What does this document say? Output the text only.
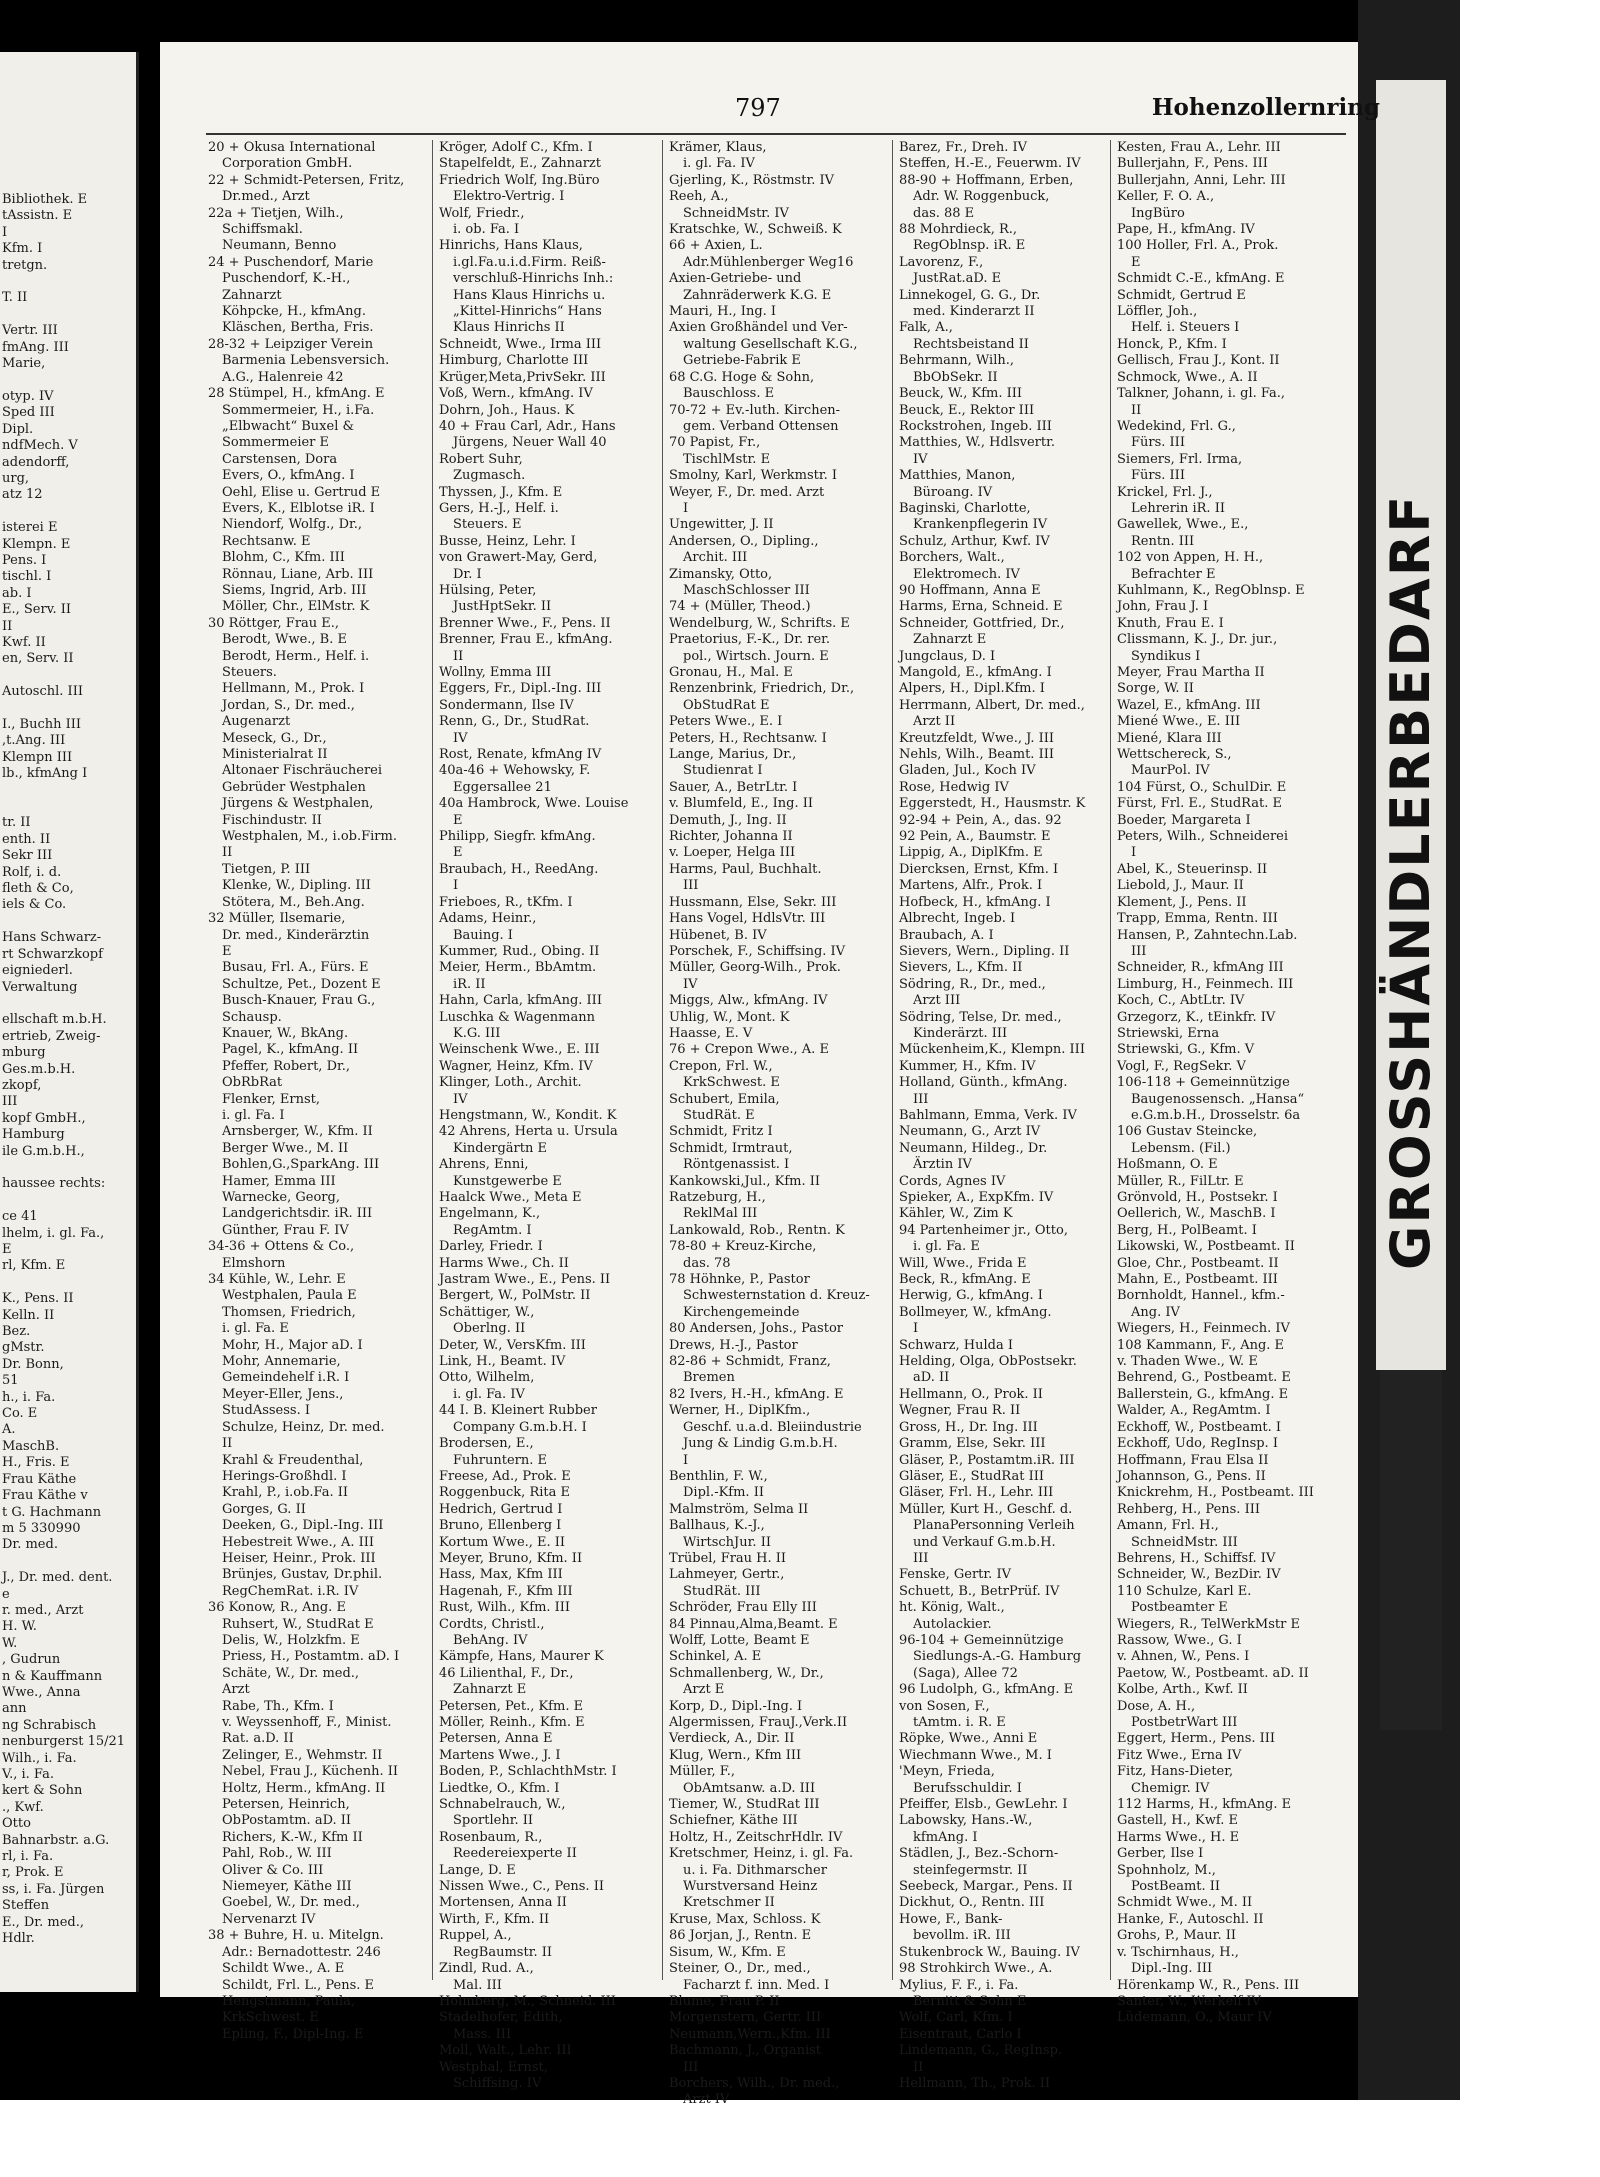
Bibliothek. E
tAssistn. E
I
Kfm. I
tretgn.

T. II

Vertr. III
fmAng. III
Marie,

otyp. IV
Sped III
Dipl.
ndfMech. V
adendorff,
urg,
atz 12

isterei E
Klempn. E
Pens. I
tischl. I
ab. I
E., Serv. II
II
Kwf. II
en, Serv. II

Autoschl. III

I., Buchh III
,t.Ang. III
Klempn III
lb., kfmAng I

tr. II
enth. II
Sekr III
Rolf, i. d.
fleth & Co,
iels & Co.

Hans Schwarz-
rt Schwarzkopf
eigniederl.
Verwaltung

ellschaft m.b.H.
ertrieb, Zweig-
mburg
Ges.m.b.H.
zkopf,
III
kopf GmbH.,
Hamburg
ile G.m.b.H.,

haussee rechts:

ce 41
lhelm, i. gl. Fa.,
E
rl, Kfm. E

K., Pens. II
Kelln. II
Bez.
gMstr.
Dr. Bonn,
51
h., i. Fa.
Co. E
A.
MaschB.
H., Fris. E
Frau Käthe
Frau Käthe v
t G. Hachmann
m 5 330990
Dr. med.

J., Dr. med. dent.
e
r. med., Arzt
H. W.
W.
, Gudrun
n & Kauffmann
Wwe., Anna
ann
ng Schrabisch
nenburgerst 15/21
Wilh., i. Fa.
V., i. Fa.
kert & Sohn
., Kwf.
Otto
Bahnarbstr. a.G.
rl, i. Fa.
r, Prok. E
ss, i. Fa. Jürgen
Steffen
E., Dr. med.,
Hdlr.
GROSSHÄNDLERBEDARF
797	Hohenzollernring
20 + Okusa International
Corporation GmbH.
22 + Schmidt-Petersen, Fritz,
Dr.med., Arzt
22a + Tietjen, Wilh.,
Schiffsmakl.
Neumann, Benno
24 + Puschendorf, Marie
Puschendorf, K.-H.,
Zahnarzt
Köhpcke, H., kfmAng.
Kläschen, Bertha, Fris.
28-32 + Leipziger Verein
Barmenia Lebensversich.
A.G., Halenreie 42
28 Stümpel, H., kfmAng. E
Sommermeier, H., i.Fa.
„Elbwacht“ Buxel &
Sommermeier E
Carstensen, Dora
Evers, O., kfmAng. I
Oehl, Elise u. Gertrud E
Evers, K., Elblotse iR. I
Niendorf, Wolfg., Dr.,
Rechtsanw. E
Blohm, C., Kfm. III
Rönnau, Liane, Arb. III
Siems, Ingrid, Arb. III
Möller, Chr., ElMstr. K
30 Röttger, Frau E.,
Berodt, Wwe., B. E
Berodt, Herm., Helf. i.
Steuers.
Hellmann, M., Prok. I
Jordan, S., Dr. med.,
Augenarzt
Meseck, G., Dr.,
Ministerialrat II
Altonaer Fischräucherei
Gebrüder Westphalen
Jürgens & Westphalen,
Fischindustr. II
Westphalen, M., i.ob.Firm.
II
Tietgen, P. III
Klenke, W., Dipling. III
Stötera, M., Beh.Ang.
32 Müller, Ilsemarie,
Dr. med., Kinderärztin
E
Busau, Frl. A., Fürs. E
Schultze, Pet., Dozent E
Busch-Knauer, Frau G.,
Schausp.
Knauer, W., BkAng.
Pagel, K., kfmAng. II
Pfeffer, Robert, Dr.,
ObRbRat
Flenker, Ernst,
i. gl. Fa. I
Arnsberger, W., Kfm. II
Berger Wwe., M. II
Bohlen,G.,SparkAng. III
Hamer, Emma III
Warnecke, Georg,
Landgerichtsdir. iR. III
Günther, Frau F. IV
34-36 + Ottens & Co.,
Elmshorn
34 Kühle, W., Lehr. E
Westphalen, Paula E
Thomsen, Friedrich,
i. gl. Fa. E
Mohr, H., Major aD. I
Mohr, Annemarie,
Gemeindehelf i.R. I
Meyer-Eller, Jens.,
StudAssess. I
Schulze, Heinz, Dr. med.
II
Krahl & Freudenthal,
Herings-Großhdl. I
Krahl, P., i.ob.Fa. II
Gorges, G. II
Deeken, G., Dipl.-Ing. III
Hebestreit Wwe., A. III
Heiser, Heinr., Prok. III
Brünjes, Gustav, Dr.phil.
RegChemRat. i.R. IV
36 Konow, R., Ang. E
Ruhsert, W., StudRat E
Delis, W., Holzkfm. E
Priess, H., Postamtm. aD. I
Schäte, W., Dr. med.,
Arzt
Rabe, Th., Kfm. I
v. Weyssenhoff, F., Minist.
Rat. a.D. II
Zelinger, E., Wehmstr. II
Nebel, Frau J., Küchenh. II
Holtz, Herm., kfmAng. II
Petersen, Heinrich,
ObPostamtm. aD. II
Richers, K.-W., Kfm II
Pahl, Rob., W. III
Oliver & Co. III
Niemeyer, Käthe III
Goebel, W., Dr. med.,
Nervenarzt IV
38 + Buhre, H. u. Mitelgn.
Adr.: Bernadottestr. 246
Schildt Wwe., A. E
Schildt, Frl. L., Pens. E
Hengstmann, Paula,
KrkSchwest. E
Epling, F., Dipl-Ing. E
Kröger, Adolf C., Kfm. I
Stapelfeldt, E., Zahnarzt
Friedrich Wolf, Ing.Büro
Elektro-Vertrig. I
Wolf, Friedr.,
i. ob. Fa. I
Hinrichs, Hans Klaus,
i.gl.Fa.u.i.d.Firm. Reiß-
verschluß-Hinrichs Inh.:
Hans Klaus Hinrichs u.
„Kittel-Hinrichs“ Hans
Klaus Hinrichs II
Schneidt, Wwe., Irma III
Himburg, Charlotte III
Krüger,Meta,PrivSekr. III
Voß, Wern., kfmAng. IV
Dohrn, Joh., Haus. K
40 + Frau Carl, Adr., Hans
Jürgens, Neuer Wall 40
Robert Suhr,
Zugmasch.
Thyssen, J., Kfm. E
Gers, H.-J., Helf. i.
Steuers. E
Busse, Heinz, Lehr. I
von Grawert-May, Gerd,
Dr. I
Hülsing, Peter,
JustHptSekr. II
Brenner Wwe., F., Pens. II
Brenner, Frau E., kfmAng.
II
Wollny, Emma III
Eggers, Fr., Dipl.-Ing. III
Sondermann, Ilse IV
Renn, G., Dr., StudRat.
IV
Rost, Renate, kfmAng IV
40a-46 + Wehowsky, F.
Eggersallee 21
40a Hambrock, Wwe. Louise
E
Philipp, Siegfr. kfmAng.
E
Braubach, H., ReedAng.
I
Frieboes, R., tKfm. I
Adams, Heinr.,
Bauing. I
Kummer, Rud., Obing. II
Meier, Herm., BbAmtm.
iR. II
Hahn, Carla, kfmAng. III
Luschka & Wagenmann
K.G. III
Weinschenk Wwe., E. III
Wagner, Heinz, Kfm. IV
Klinger, Loth., Archit.
IV
Hengstmann, W., Kondit. K
42 Ahrens, Herta u. Ursula
Kindergärtn E
Ahrens, Enni,
Kunstgewerbe E
Haalck Wwe., Meta E
Engelmann, K.,
RegAmtm. I
Darley, Friedr. I
Harms Wwe., Ch. II
Jastram Wwe., E., Pens. II
Bergert, W., PolMstr. II
Schättiger, W.,
Oberlng. II
Deter, W., VersKfm. III
Link, H., Beamt. IV
Otto, Wilhelm,
i. gl. Fa. IV
44 I. B. Kleinert Rubber
Company G.m.b.H. I
Brodersen, E.,
Fuhruntern. E
Freese, Ad., Prok. E
Roggenbuck, Rita E
Hedrich, Gertrud I
Bruno, Ellenberg I
Kortum Wwe., E. II
Meyer, Bruno, Kfm. II
Hass, Max, Kfm III
Hagenah, F., Kfm III
Rust, Wilh., Kfm. III
Cordts, Christl.,
BehAng. IV
Kämpfe, Hans, Maurer K
46 Lilienthal, F., Dr.,
Zahnarzt E
Petersen, Pet., Kfm. E
Möller, Reinh., Kfm. E
Petersen, Anna E
Martens Wwe., J. I
Boden, P., SchlachthMstr. I
Liedtke, O., Kfm. I
Schnabelrauch, W.,
Sportlehr. II
Rosenbaum, R.,
Reedereiexperte II
Lange, D. E
Nissen Wwe., C., Pens. II
Mortensen, Anna II
Wirth, F., Kfm. II
Ruppel, A.,
RegBaumstr. II
Zindl, Rud. A.,
Mal. III
Holmberg, M., Schneid. III
Stadelhofer, Edith,
Mass. III
Moll, Walt., Lehr. III
Westphal, Ernst,
Schiffsing. IV
Krämer, Klaus,
i. gl. Fa. IV
Gjerling, K., Röstmstr. IV
Reeh, A.,
SchneidMstr. IV
Kratschke, W., Schweiß. K
66 + Axien, L.
Adr.Mühlenberger Weg16
Axien-Getriebe- und
Zahnräderwerk K.G. E
Mauri, H., Ing. I
Axien Großhändel und Ver-
waltung Gesellschaft K.G.,
Getriebe-Fabrik E
68 C.G. Hoge & Sohn,
Bauschloss. E
70-72 + Ev.-luth. Kirchen-
gem. Verband Ottensen
70 Papist, Fr.,
TischlMstr. E
Smolny, Karl, Werkmstr. I
Weyer, F., Dr. med. Arzt
I
Ungewitter, J. II
Andersen, O., Dipling.,
Archit. III
Zimansky, Otto,
MaschSchlosser III
74 + (Müller, Theod.)
Wendelburg, W., Schrifts. E
Praetorius, F.-K., Dr. rer.
pol., Wirtsch. Journ. E
Gronau, H., Mal. E
Renzenbrink, Friedrich, Dr.,
ObStudRat E
Peters Wwe., E. I
Peters, H., Rechtsanw. I
Lange, Marius, Dr.,
Studienrat I
Sauer, A., BetrLtr. I
v. Blumfeld, E., Ing. II
Demuth, J., Ing. II
Richter, Johanna II
v. Loeper, Helga III
Harms, Paul, Buchhalt.
III
Hussmann, Else, Sekr. III
Hans Vogel, HdlsVtr. III
Hübenet, B. IV
Porschek, F., Schiffsing. IV
Müller, Georg-Wilh., Prok.
IV
Miggs, Alw., kfmAng. IV
Uhlig, W., Mont. K
Haasse, E. V
76 + Crepon Wwe., A. E
Crepon, Frl. W.,
KrkSchwest. E
Schubert, Emila,
StudRät. E
Schmidt, Fritz I
Schmidt, Irmtraut,
Röntgenassist. I
Kankowski,Jul., Kfm. II
Ratzeburg, H.,
ReklMal III
Lankowald, Rob., Rentn. K
78-80 + Kreuz-Kirche,
das. 78
78 Höhnke, P., Pastor
Schwesternstation d. Kreuz-
Kirchengemeinde
80 Andersen, Johs., Pastor
Drews, H.-J., Pastor
82-86 + Schmidt, Franz,
Bremen
82 Ivers, H.-H., kfmAng. E
Werner, H., DiplKfm.,
Geschf. u.a.d. Bleiindustrie
Jung & Lindig G.m.b.H.
I
Benthlin, F. W.,
Dipl.-Kfm. II
Malmström, Selma II
Ballhaus, K.-J.,
WirtschJur. II
Trübel, Frau H. II
Lahmeyer, Gertr.,
StudRät. III
Schröder, Frau Elly III
84 Pinnau,Alma,Beamt. E
Wolff, Lotte, Beamt E
Schinkel, A. E
Schmallenberg, W., Dr.,
Arzt E
Korp, D., Dipl.-Ing. I
Algermissen, FrauJ.,Verk.II
Verdieck, A., Dir. II
Klug, Wern., Kfm III
Müller, F.,
ObAmtsanw. a.D. III
Tiemer, W., StudRat III
Schiefner, Käthe III
Holtz, H., ZeitschrHdlr. IV
Kretschmer, Heinz, i. gl. Fa.
u. i. Fa. Dithmarscher
Wurstversand Heinz
Kretschmer II
Kruse, Max, Schloss. K
86 Jorjan, J., Rentn. E
Sisum, W., Kfm. E
Steiner, O., Dr., med.,
Facharzt f. inn. Med. I
Blume, Frau P. II
Morgenstern, Gertr. III
Neumann,Wern.,Kfm. III
Bachmann, J., Organist
III
Borchers, Wilh., Dr. med.,
Arzt IV
Barez, Fr., Dreh. IV
Steffen, H.-E., Feuerwm. IV
88-90 + Hoffmann, Erben,
Adr. W. Roggenbuck,
das. 88 E
88 Mohrdieck, R.,
RegOblnsp. iR. E
Lavorenz, F.,
JustRat.aD. E
Linnekogel, G. G., Dr.
med. Kinderarzt II
Falk, A.,
Rechtsbeistand II
Behrmann, Wilh.,
BbObSekr. II
Beuck, W., Kfm. III
Beuck, E., Rektor III
Rockstrohen, Ingeb. III
Matthies, W., Hdlsvertr.
IV
Matthies, Manon,
Büroang. IV
Baginski, Charlotte,
Krankenpflegerin IV
Schulz, Arthur, Kwf. IV
Borchers, Walt.,
Elektromech. IV
90 Hoffmann, Anna E
Harms, Erna, Schneid. E
Schneider, Gottfried, Dr.,
Zahnarzt E
Jungclaus, D. I
Mangold, E., kfmAng. I
Alpers, H., Dipl.Kfm. I
Herrmann, Albert, Dr. med.,
Arzt II
Kreutzfeldt, Wwe., J. III
Nehls, Wilh., Beamt. III
Gladen, Jul., Koch IV
Rose, Hedwig IV
Eggerstedt, H., Hausmstr. K
92-94 + Pein, A., das. 92
92 Pein, A., Baumstr. E
Lippig, A., DiplKfm. E
Diercksen, Ernst, Kfm. I
Martens, Alfr., Prok. I
Hofbeck, H., kfmAng. I
Albrecht, Ingeb. I
Braubach, A. I
Sievers, Wern., Dipling. II
Sievers, L., Kfm. II
Södring, R., Dr., med.,
Arzt III
Södring, Telse, Dr. med.,
Kinderärzt. III
Mückenheim,K., Klempn. III
Kummer, H., Kfm. IV
Holland, Günth., kfmAng.
III
Bahlmann, Emma, Verk. IV
Neumann, G., Arzt IV
Neumann, Hildeg., Dr.
Ärztin IV
Cords, Agnes IV
Spieker, A., ExpKfm. IV
Kähler, W., Zim K
94 Partenheimer jr., Otto,
i. gl. Fa. E
Will, Wwe., Frida E
Beck, R., kfmAng. E
Herwig, G., kfmAng. I
Bollmeyer, W., kfmAng.
I
Schwarz, Hulda I
Helding, Olga, ObPostsekr.
aD. II
Hellmann, O., Prok. II
Wegner, Frau R. II
Gross, H., Dr. Ing. III
Gramm, Else, Sekr. III
Gläser, P., Postamtm.iR. III
Gläser, E., StudRat III
Gläser, Frl. H., Lehr. III
Müller, Kurt H., Geschf. d.
PlanaPersonning Verleih
und Verkauf G.m.b.H.
III
Fenske, Gertr. IV
Schuett, B., BetrPrüf. IV
ht. König, Walt.,
Autolackier.
96-104 + Gemeinnützige
Siedlungs-A.-G. Hamburg
(Saga), Allee 72
96 Ludolph, G., kfmAng. E
von Sosen, F.,
tAmtm. i. R. E
Röpke, Wwe., Anni E
Wiechmann Wwe., M. I
'Meyn, Frieda,
Berufsschuldir. I
Pfeiffer, Elsb., GewLehr. I
Labowsky, Hans.-W.,
kfmAng. I
Städlen, J., Bez.-Schorn-
steinfegermstr. II
Seebeck, Margar., Pens. II
Dickhut, O., Rentn. III
Howe, F., Bank-
bevollm. iR. III
Stukenbrock W., Bauing. IV
98 Strohkirch Wwe., A.
Mylius, F. F., i. Fa.
Bernitt & Sohn E
Wolf, Carl, Kfm. I
Eisentraut, Carlo I
Lindemann, G., RegInsp.
II
Hellmann, Th., Prok. II
Kesten, Frau A., Lehr. III
Bullerjahn, F., Pens. III
Bullerjahn, Anni, Lehr. III
Keller, F. O. A.,
IngBüro
Pape, H., kfmAng. IV
100 Holler, Frl. A., Prok.
E
Schmidt C.-E., kfmAng. E
Schmidt, Gertrud E
Löffler, Joh.,
Helf. i. Steuers I
Honck, P., Kfm. I
Gellisch, Frau J., Kont. II
Schmock, Wwe., A. II
Talkner, Johann, i. gl. Fa.,
II
Wedekind, Frl. G.,
Fürs. III
Siemers, Frl. Irma,
Fürs. III
Krickel, Frl. J.,
Lehrerin iR. II
Gawellek, Wwe., E.,
Rentn. III
102 von Appen, H. H.,
Befrachter E
Kuhlmann, K., RegOblnsp. E
John, Frau J. I
Knuth, Frau E. I
Clissmann, K. J., Dr. jur.,
Syndikus I
Meyer, Frau Martha II
Sorge, W. II
Wazel, E., kfmAng. III
Miené Wwe., E. III
Miené, Klara III
Wettschereck, S.,
MaurPol. IV
104 Fürst, O., SchulDir. E
Fürst, Frl. E., StudRat. E
Boeder, Margareta I
Peters, Wilh., Schneiderei
I
Abel, K., Steuerinsp. II
Liebold, J., Maur. II
Klement, J., Pens. II
Trapp, Emma, Rentn. III
Hansen, P., Zahntechn.Lab.
III
Schneider, R., kfmAng III
Limburg, H., Feinmech. III
Koch, C., AbtLtr. IV
Grzegorz, K., tEinkfr. IV
Striewski, Erna
Striewski, G., Kfm. V
Vogl, F., RegSekr. V
106-118 + Gemeinnützige
Baugenossensch. „Hansa“
e.G.m.b.H., Drosselstr. 6a
106 Gustav Steincke,
Lebensm. (Fil.)
Hoßmann, O. E
Müller, R., FilLtr. E
Grönvold, H., Postsekr. I
Oellerich, W., MaschB. I
Berg, H., PolBeamt. I
Likowski, W., Postbeamt. II
Gloe, Chr., Postbeamt. II
Mahn, E., Postbeamt. III
Bornholdt, Hannel., kfm.-
Ang. IV
Wiegers, H., Feinmech. IV
108 Kammann, F., Ang. E
v. Thaden Wwe., W. E
Behrend, G., Postbeamt. E
Ballerstein, G., kfmAng. E
Walder, A., RegAmtm. I
Eckhoff, W., Postbeamt. I
Eckhoff, Udo, RegInsp. I
Hoffmann, Frau Elsa II
Johannson, G., Pens. II
Knickrehm, H., Postbeamt. III
Rehberg, H., Pens. III
Amann, Frl. H.,
SchneidMstr. III
Behrens, H., Schiffsf. IV
Schneider, W., BezDir. IV
110 Schulze, Karl E.
Postbeamter E
Wiegers, R., TelWerkMstr E
Rassow, Wwe., G. I
v. Ahnen, W., Pens. I
Paetow, W., Postbeamt. aD. II
Kolbe, Arth., Kwf. II
Dose, A. H.,
PostbetrWart III
Eggert, Herm., Pens. III
Fitz Wwe., Erna IV
Fitz, Hans-Dieter,
Chemigr. IV
112 Harms, H., kfmAng. E
Gastell, H., Kwf. E
Harms Wwe., H. E
Gerber, Ilse I
Spohnholz, M.,
PostBeamt. II
Schmidt Wwe., M. II
Hanke, F., Autoschl. II
Grohs, P., Maur. II
v. Tschirnhaus, H.,
Dipl.-Ing. III
Hörenkamp W., R., Pens. III
Santer, W., Werkelf IV
Lüdemann, O., Maur IV
